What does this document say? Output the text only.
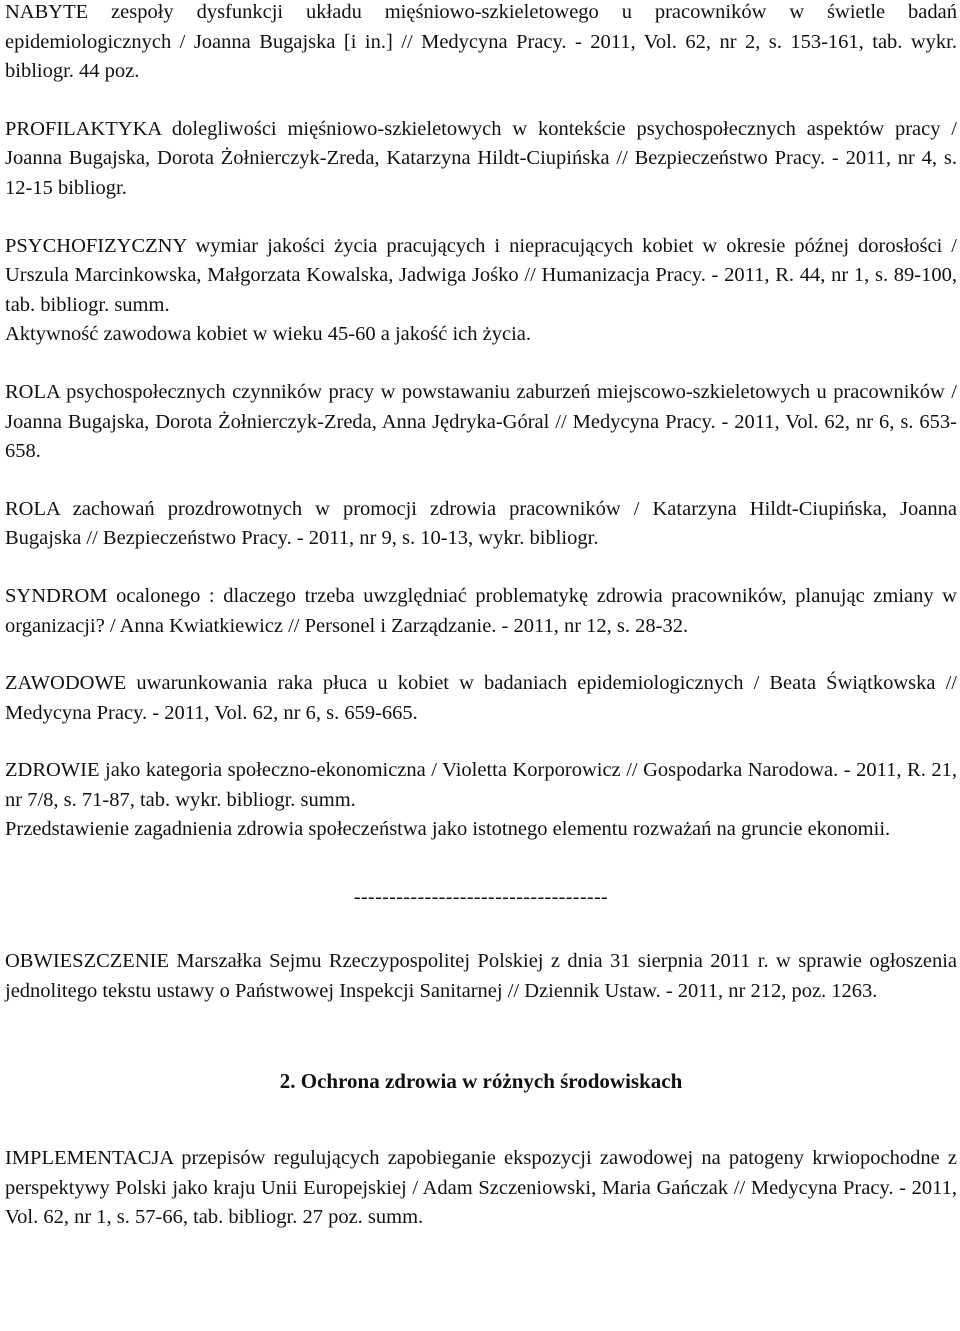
NABYTE zespoły dysfunkcji układu mięśniowo-szkieletowego u pracowników w świetle badań epidemiologicznych / Joanna Bugajska [i in.] // Medycyna Pracy. - 2011, Vol. 62, nr 2, s. 153-161, tab. wykr. bibliogr. 44 poz.

PROFILAKTYKA dolegliwości mięśniowo-szkieletowych w kontekście psychospołecznych aspektów pracy / Joanna Bugajska, Dorota Żołnierczyk-Zreda, Katarzyna Hildt-Ciupińska // Bezpieczeństwo Pracy. - 2011, nr 4, s. 12-15 bibliogr.

PSYCHOFIZYCZNY wymiar jakości życia pracujących i niepracujących kobiet w okresie późnej dorosłości / Urszula Marcinkowska, Małgorzata Kowalska, Jadwiga Jośko // Humanizacja Pracy. - 2011, R. 44, nr 1, s. 89-100, tab. bibliogr. summ.
Aktywność zawodowa kobiet w wieku 45-60 a jakość ich życia.

ROLA psychospołecznych czynników pracy w powstawaniu zaburzeń miejscowo-szkieletowych u pracowników / Joanna Bugajska, Dorota Żołnierczyk-Zreda, Anna Jędryka-Góral // Medycyna Pracy. - 2011, Vol. 62, nr 6, s. 653-658.

ROLA zachowań prozdrowotnych w promocji zdrowia pracowników / Katarzyna Hildt-Ciupińska, Joanna Bugajska // Bezpieczeństwo Pracy. - 2011, nr 9, s. 10-13, wykr. bibliogr.

SYNDROM ocalonego : dlaczego trzeba uwzględniać problematykę zdrowia pracowników, planując zmiany w organizacji? / Anna Kwiatkiewicz // Personel i Zarządzanie. - 2011, nr 12, s. 28-32.

ZAWODOWE uwarunkowania raka płuca u kobiet w badaniach epidemiologicznych / Beata Świątkowska // Medycyna Pracy. - 2011, Vol. 62, nr 6, s. 659-665.

ZDROWIE jako kategoria społeczno-ekonomiczna / Violetta Korporowicz // Gospodarka Narodowa. - 2011, R. 21, nr 7/8, s. 71-87, tab. wykr. bibliogr. summ.
Przedstawienie zagadnienia zdrowia społeczeństwa jako istotnego elementu rozważań na gruncie ekonomii.

------------------------------------

OBWIESZCZENIE Marszałka Sejmu Rzeczypospolitej Polskiej z dnia 31 sierpnia 2011 r. w sprawie ogłoszenia jednolitego tekstu ustawy o Państwowej Inspekcji Sanitarnej // Dziennik Ustaw. - 2011, nr 212, poz. 1263.

2. Ochrona zdrowia w różnych środowiskach

IMPLEMENTACJA przepisów regulujących zapobieganie ekspozycji zawodowej na patogeny krwiopochodne z perspektywy Polski jako kraju Unii Europejskiej / Adam Szczeniowski, Maria Gańczak // Medycyna Pracy. - 2011, Vol. 62, nr 1, s. 57-66, tab. bibliogr. 27 poz. summ.
